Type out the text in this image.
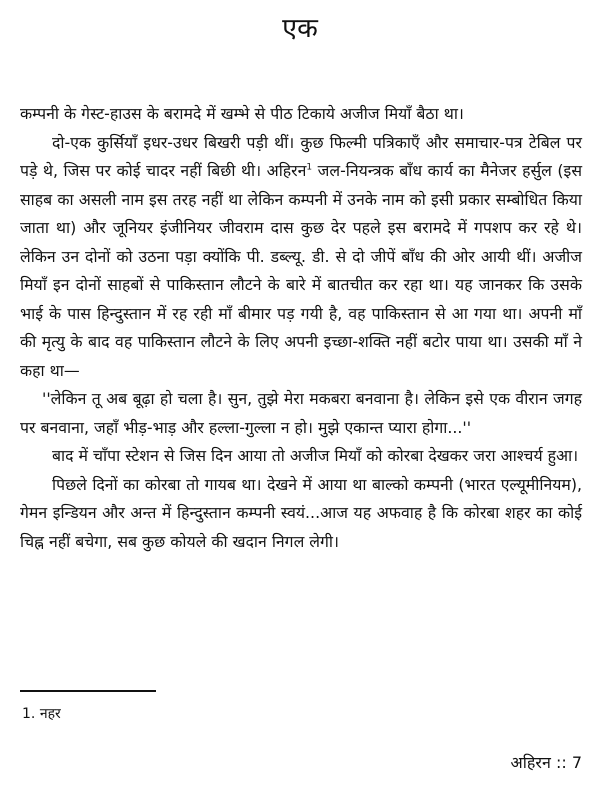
एक

कम्पनी के गेस्ट-हाउस के बरामदे में खम्भे से पीठ टिकाये अजीज मियाँ बैठा था।

दो-एक कुर्सियाँ इधर-उधर बिखरी पड़ी थीं। कुछ फिल्मी पत्रिकाएँ और समाचार-पत्र टेबिल पर पड़े थे, जिस पर कोई चादर नहीं बिछी थी। अहिरन$^1$ जल-नियन्त्रक बाँध कार्य का मैनेजर हर्सुल (इस साहब का असली नाम इस तरह नहीं था लेकिन कम्पनी में उनके नाम को इसी प्रकार सम्बोधित किया जाता था) और जूनियर इंजीनियर जीवराम दास कुछ देर पहले इस बरामदे में गपशप कर रहे थे। लेकिन उन दोनों को उठना पड़ा क्योंकि पी. डब्ल्यू. डी. से दो जीपें बाँध की ओर आयी थीं। अजीज मियाँ इन दोनों साहबों से पाकिस्तान लौटने के बारे में बातचीत कर रहा था। यह जानकर कि उसके भाई के पास हिन्दुस्तान में रह रही माँ बीमार पड़ गयी है, वह पाकिस्तान से आ गया था। अपनी माँ की मृत्यु के बाद वह पाकिस्तान लौटने के लिए अपनी इच्छा-शक्ति नहीं बटोर पाया था। उसकी माँ ने कहा था—

''लेकिन तू अब बूढ़ा हो चला है। सुन, तुझे मेरा मकबरा बनवाना है। लेकिन इसे एक वीरान जगह पर बनवाना, जहाँ भीड़-भाड़ और हल्ला-गुल्ला न हो। मुझे एकान्त प्यारा होगा...''

बाद में चाँपा स्टेशन से जिस दिन आया तो अजीज मियाँ को कोरबा देखकर जरा आश्चर्य हुआ।

पिछले दिनों का कोरबा तो गायब था। देखने में आया था बाल्को कम्पनी (भारत एल्यूमीनियम), गेमन इन्डियन और अन्त में हिन्दुस्तान कम्पनी स्वयं...आज यह अफवाह है कि कोरबा शहर का कोई चिह्न नहीं बचेगा, सब कुछ कोयले की खदान निगल लेगी।

1. नहर
अहिरन :: 7
